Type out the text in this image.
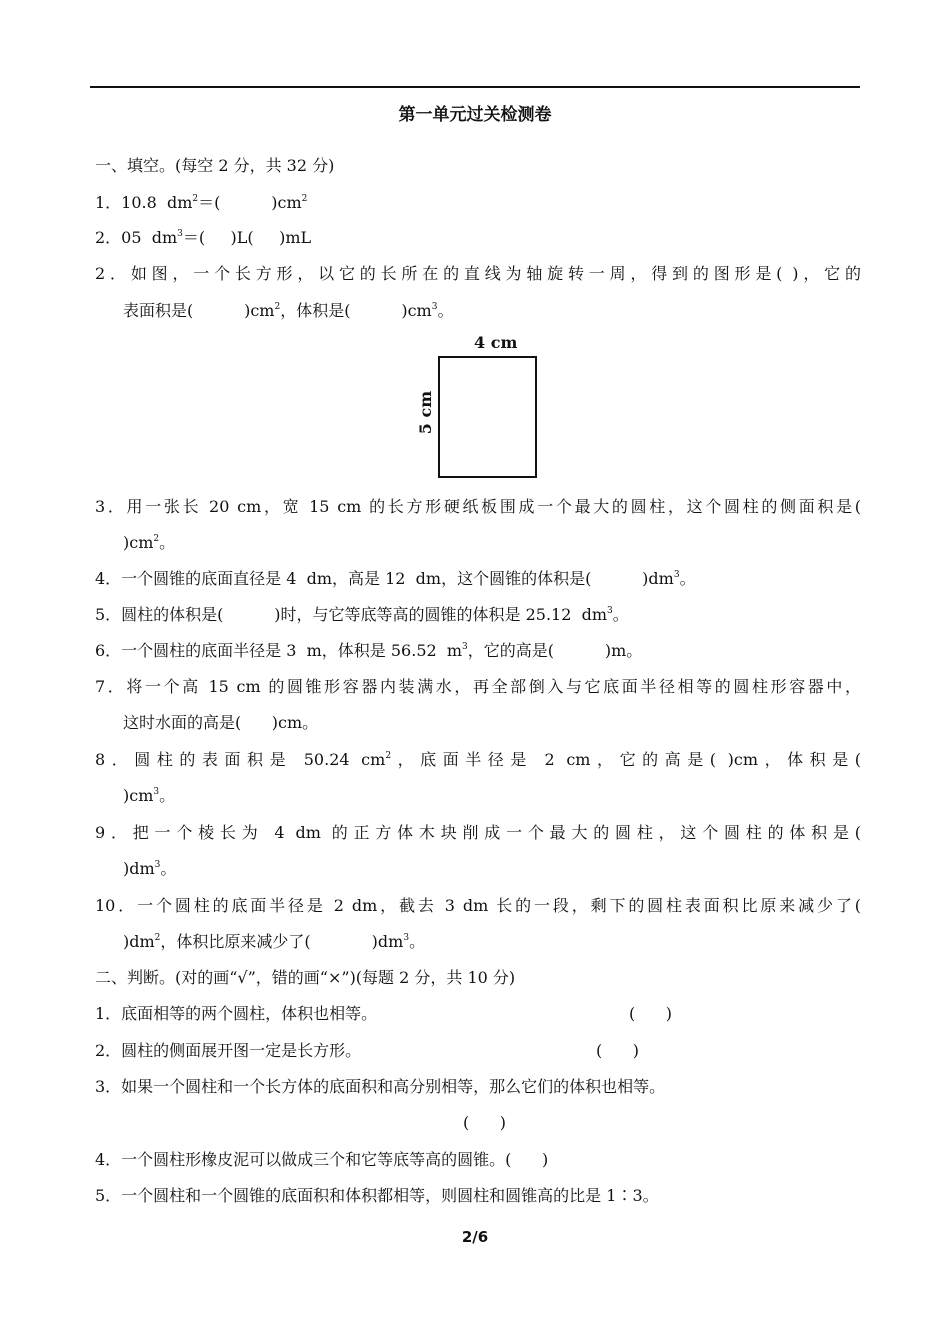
第一单元过关检测卷
一、填空。(每空 2 分，共 32 分)
1．10.8  $dm^2=$(          )$cm^2$
2．05  $dm^3=$(     )L(     )mL
2．如图，一个长方形，以它的长所在的直线为轴旋转一周，得到的图形是( )，它的
表面积是(          )$cm^2$，体积是(          )$cm^3$。
4 cm
5 cm
3．用一张长 20 cm，宽 15 cm 的长方形硬纸板围成一个最大的圆柱，这个圆柱的侧面积是(
)$cm^2$。
4．一个圆锥的底面直径是 4  dm，高是 12  dm，这个圆锥的体积是(          )$dm^3$。
5．圆柱的体积是(          )时，与它等底等高的圆锥的体积是 25.12  $dm^3$。
6．一个圆柱的底面半径是 3  m，体积是 56.52  $m^3$，它的高是(          )m。
7．将一个高 15 cm 的圆锥形容器内装满水，再全部倒入与它底面半径相等的圆柱形容器中，
这时水面的高是(      )cm。
8．圆柱的表面积是 50.24 $cm^2$，底面半径是 2 cm，它的高是( )cm，体积是(
)$cm^3$。
9．把一个棱长为 4 dm 的正方体木块削成一个最大的圆柱，这个圆柱的体积是(
)$dm^3$。
10．一个圆柱的底面半径是 2 dm，截去 3 dm 长的一段，剩下的圆柱表面积比原来减少了(
)$dm^2$，体积比原来减少了(            )$dm^3$。
二、判断。(对的画“√”，错的画“×”)(每题 2 分，共 10 分)
1．底面相等的两个圆柱，体积也相等。	(      )
2．圆柱的侧面展开图一定是长方形。	(      )
3．如果一个圆柱和一个长方体的底面积和高分别相等，那么它们的体积也相等。
(      )
4．一个圆柱形橡皮泥可以做成三个和它等底等高的圆锥。(      )
5．一个圆柱和一个圆锥的底面积和体积都相等，则圆柱和圆锥高的比是 1∶3。
2/6
